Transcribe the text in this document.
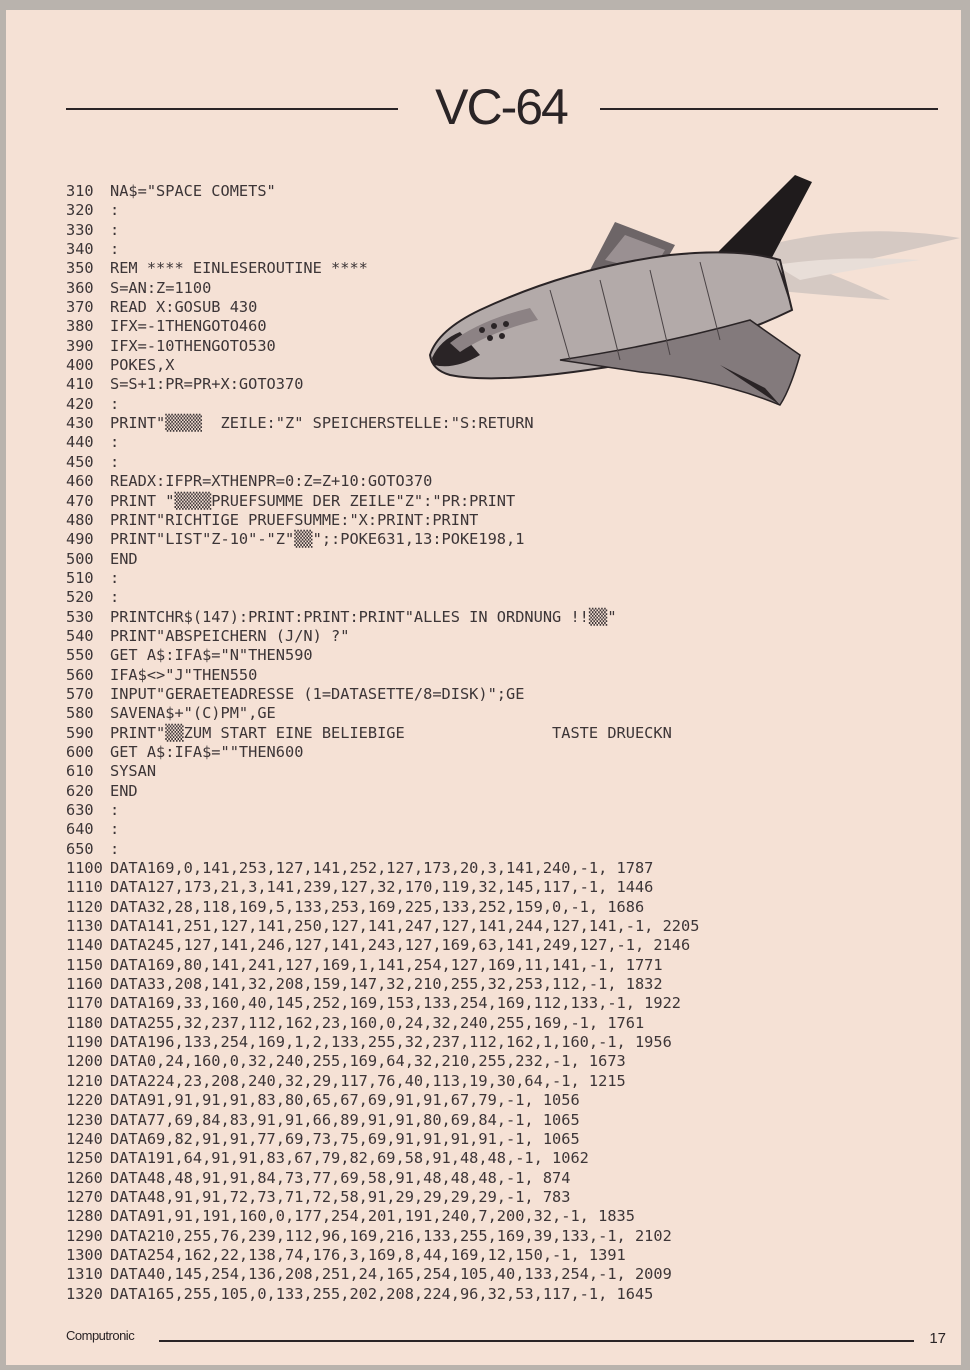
VC-64
310 NA$="SPACE COMETS"
320 :
330 :
340 :
350 REM **** EINLESEROUTINE ****
360 S=AN:Z=1100
370 READ X:GOSUB 430
380 IFX=-1THENGOTO460
390 IFX=-10THENGOTO530
400 POKES,X
410 S=S+1:PR=PR+X:GOTO370
420 :
430 PRINT"▒▒▒▒  ZEILE:"Z" SPEICHERSTELLE:"S:RETURN
440 :
450 :
460 READX:IFPR=XTHENPR=0:Z=Z+10:GOTO370
470 PRINT "▒▒▒▒PRUEFSUMME DER ZEILE"Z":"PR:PRINT
480 PRINT"RICHTIGE PRUEFSUMME:"X:PRINT:PRINT
490 PRINT"LIST"Z-10"-"Z"▒▒";:POKE631,13:POKE198,1
500 END
510 :
520 :
530 PRINTCHR$(147):PRINT:PRINT:PRINT"ALLES IN ORDNUNG !!▒▒"
540 PRINT"ABSPEICHERN (J/N) ?"
550 GET A$:IFA$="N"THEN590
560 IFA$<>"J"THEN550
570 INPUT"GERAETEADRESSE (1=DATASETTE/8=DISK)";GE
580 SAVENA$+"(C)PM",GE
590 PRINT"▒▒ZUM START EINE BELIEBIGE                TASTE DRUECKN
600 GET A$:IFA$=""THEN600
610 SYSAN
620 END
630 :
640 :
650 :
1100 DATA169,0,141,253,127,141,252,127,173,20,3,141,240,-1, 1787
1110 DATA127,173,21,3,141,239,127,32,170,119,32,145,117,-1, 1446
1120 DATA32,28,118,169,5,133,253,169,225,133,252,159,0,-1, 1686
1130 DATA141,251,127,141,250,127,141,247,127,141,244,127,141,-1, 2205
1140 DATA245,127,141,246,127,141,243,127,169,63,141,249,127,-1, 2146
1150 DATA169,80,141,241,127,169,1,141,254,127,169,11,141,-1, 1771
1160 DATA33,208,141,32,208,159,147,32,210,255,32,253,112,-1, 1832
1170 DATA169,33,160,40,145,252,169,153,133,254,169,112,133,-1, 1922
1180 DATA255,32,237,112,162,23,160,0,24,32,240,255,169,-1, 1761
1190 DATA196,133,254,169,1,2,133,255,32,237,112,162,1,160,-1, 1956
1200 DATA0,24,160,0,32,240,255,169,64,32,210,255,232,-1, 1673
1210 DATA224,23,208,240,32,29,117,76,40,113,19,30,64,-1, 1215
1220 DATA91,91,91,91,83,80,65,67,69,91,91,67,79,-1, 1056
1230 DATA77,69,84,83,91,91,66,89,91,91,80,69,84,-1, 1065
1240 DATA69,82,91,91,77,69,73,75,69,91,91,91,91,-1, 1065
1250 DATA191,64,91,91,83,67,79,82,69,58,91,48,48,-1, 1062
1260 DATA48,48,91,91,84,73,77,69,58,91,48,48,48,-1, 874
1270 DATA48,91,91,72,73,71,72,58,91,29,29,29,29,-1, 783
1280 DATA91,91,191,160,0,177,254,201,191,240,7,200,32,-1, 1835
1290 DATA210,255,76,239,112,96,169,216,133,255,169,39,133,-1, 2102
1300 DATA254,162,22,138,74,176,3,169,8,44,169,12,150,-1, 1391
1310 DATA40,145,254,136,208,251,24,165,254,105,40,133,254,-1, 2009
1320 DATA165,255,105,0,133,255,202,208,224,96,32,53,117,-1, 1645
Computronic	17
